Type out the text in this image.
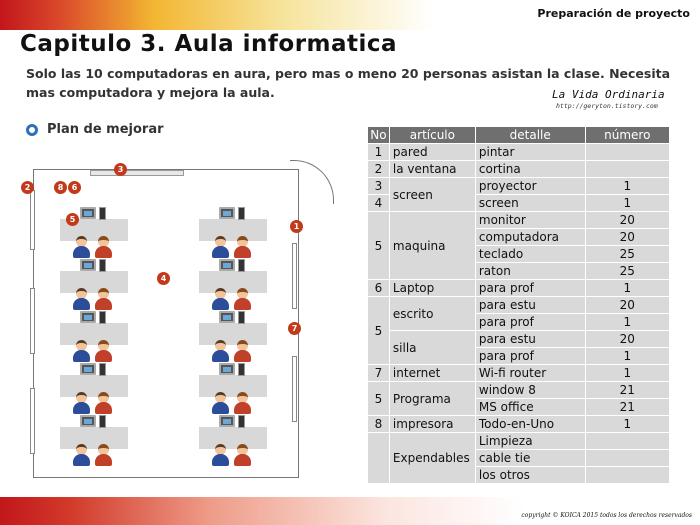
Preparación de proyecto
Capitulo 3. Aula informatica
Solo las 10 computadoras en aura, pero mas o meno 20 personas asistan la clase. Necesita mas computadora y mejora la aula.	La Vida Ordinaria
http://geryton.tistory.com
Plan de mejorar
3
2	8	6
5
1
4
7
No	artículo	detalle	número
1	pared	pintar	
2	la ventana	cortina	
3	screen	proyector	1
4		screen	1
5	maquina	monitor	20
		computadora	20
		teclado	25
		raton	25
6	Laptop	para prof	1
5	escrito	para estu	20
		para prof	1
	silla	para estu	20
		para prof	1
7	internet	Wi-fi router	1
5	Programa	window 8	21
		MS office	21
8	impresora	Todo-en-Uno	1
	Expendables	Limpieza	
		cable tie	
		los otros	
copyright © KOICA 2015 todos los derechos reservados
